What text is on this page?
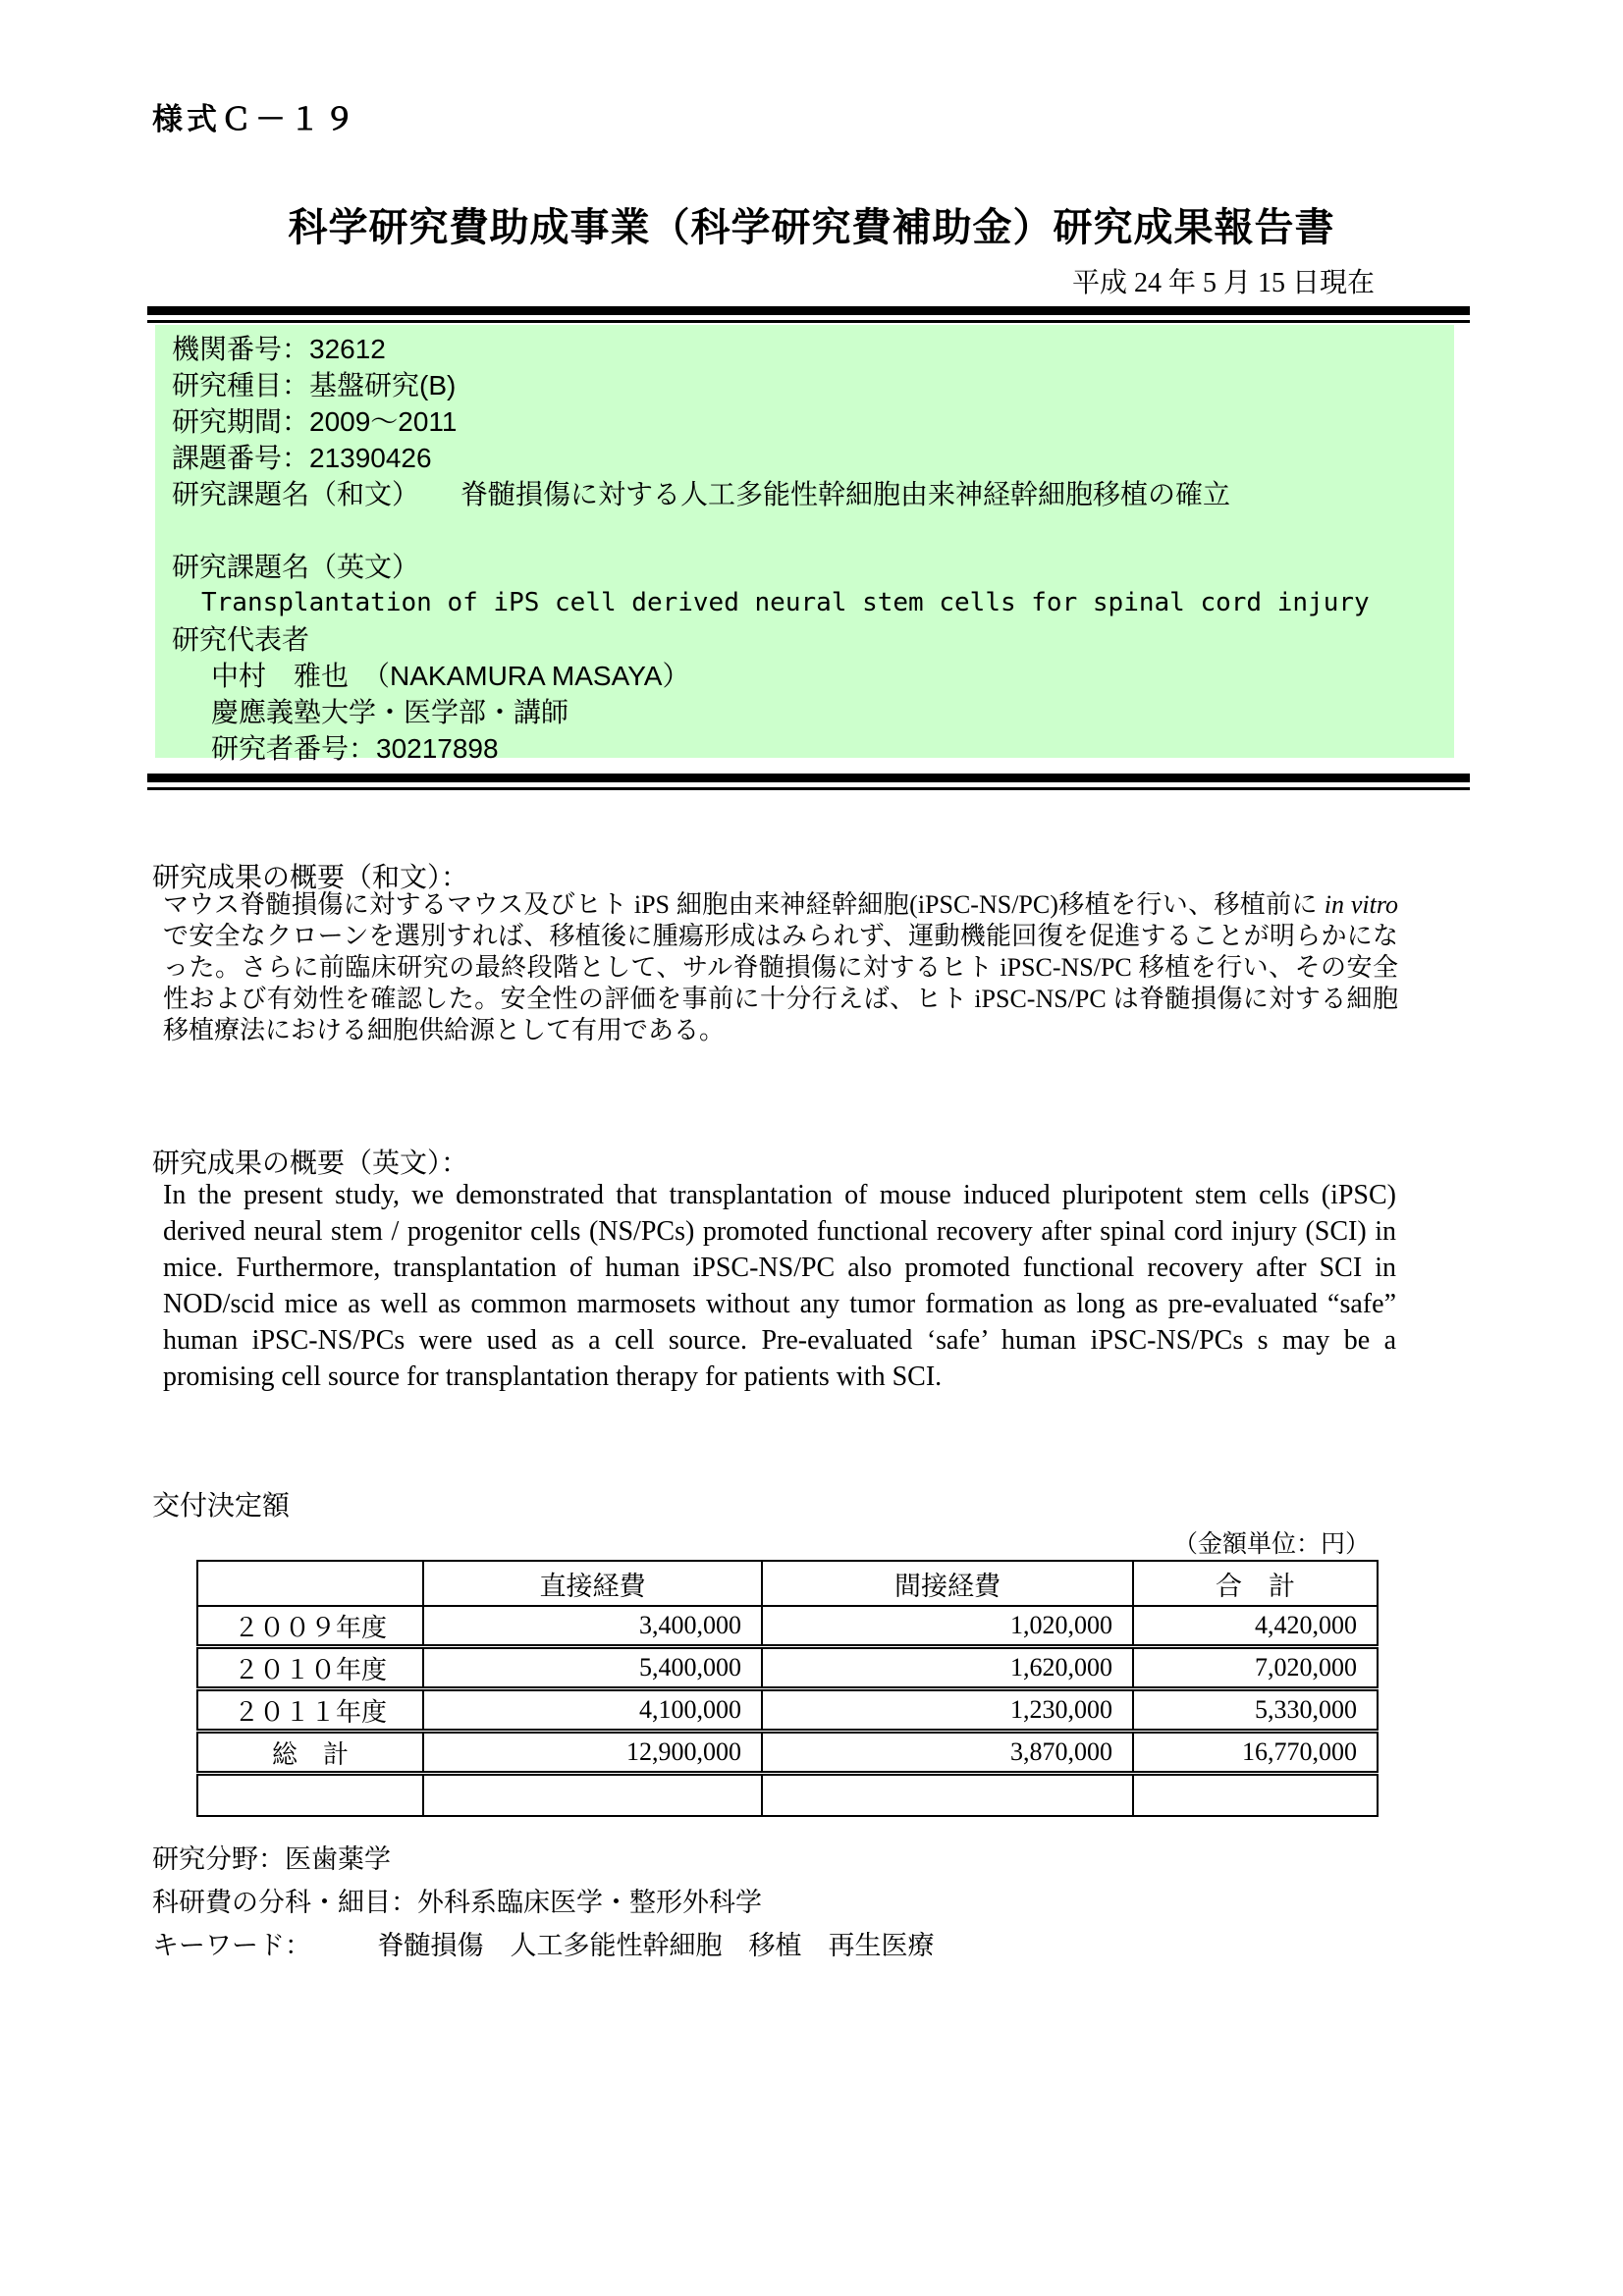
様式Ｃ－１９
科学研究費助成事業（科学研究費補助金）研究成果報告書
平成 24 年 5 月 15 日現在
機関番号：32612
研究種目：基盤研究(B)
研究期間：2009～2011
課題番号：21390426
研究課題名（和文）　　脊髄損傷に対する人工多能性幹細胞由来神経幹細胞移植の確立
研究課題名（英文）
Transplantation of iPS cell derived neural stem cells for spinal cord injury
研究代表者
中村　雅也　（NAKAMURA MASAYA）
慶應義塾大学・医学部・講師
研究者番号：30217898
研究成果の概要（和文）：
マウス脊髄損傷に対するマウス及びヒト iPS 細胞由来神経幹細胞(iPSC-NS/PC)移植を行い、移植前に in vitro で安全なクローンを選別すれば、移植後に腫瘍形成はみられず、運動機能回復を促進することが明らかになった。さらに前臨床研究の最終段階として、サル脊髄損傷に対するヒト iPSC-NS/PC 移植を行い、その安全性および有効性を確認した。安全性の評価を事前に十分行えば、ヒト iPSC-NS/PC は脊髄損傷に対する細胞移植療法における細胞供給源として有用である。
研究成果の概要（英文）：
In the present study, we demonstrated that transplantation of mouse induced pluripotent stem cells (iPSC) derived neural stem / progenitor cells (NS/PCs) promoted functional recovery after spinal cord injury (SCI) in mice. Furthermore, transplantation of human iPSC-NS/PC also promoted functional recovery after SCI in NOD/scid mice as well as common marmosets without any tumor formation as long as pre-evaluated “safe” human iPSC-NS/PCs were used as a cell source. Pre-evaluated ‘safe’ human iPSC-NS/PCs s may be a promising cell source for transplantation therapy for patients with SCI.
交付決定額
（金額単位：円）
	直接経費	間接経費	合　計
２００９年度	3,400,000	1,020,000	4,420,000
２０１０年度	5,400,000	1,620,000	7,020,000
２０１１年度	4,100,000	1,230,000	5,330,000
総　計	12,900,000	3,870,000	16,770,000

研究分野：医歯薬学
科研費の分科・細目：外科系臨床医学・整形外科学
キーワード：　　　脊髄損傷　人工多能性幹細胞　移植　再生医療
